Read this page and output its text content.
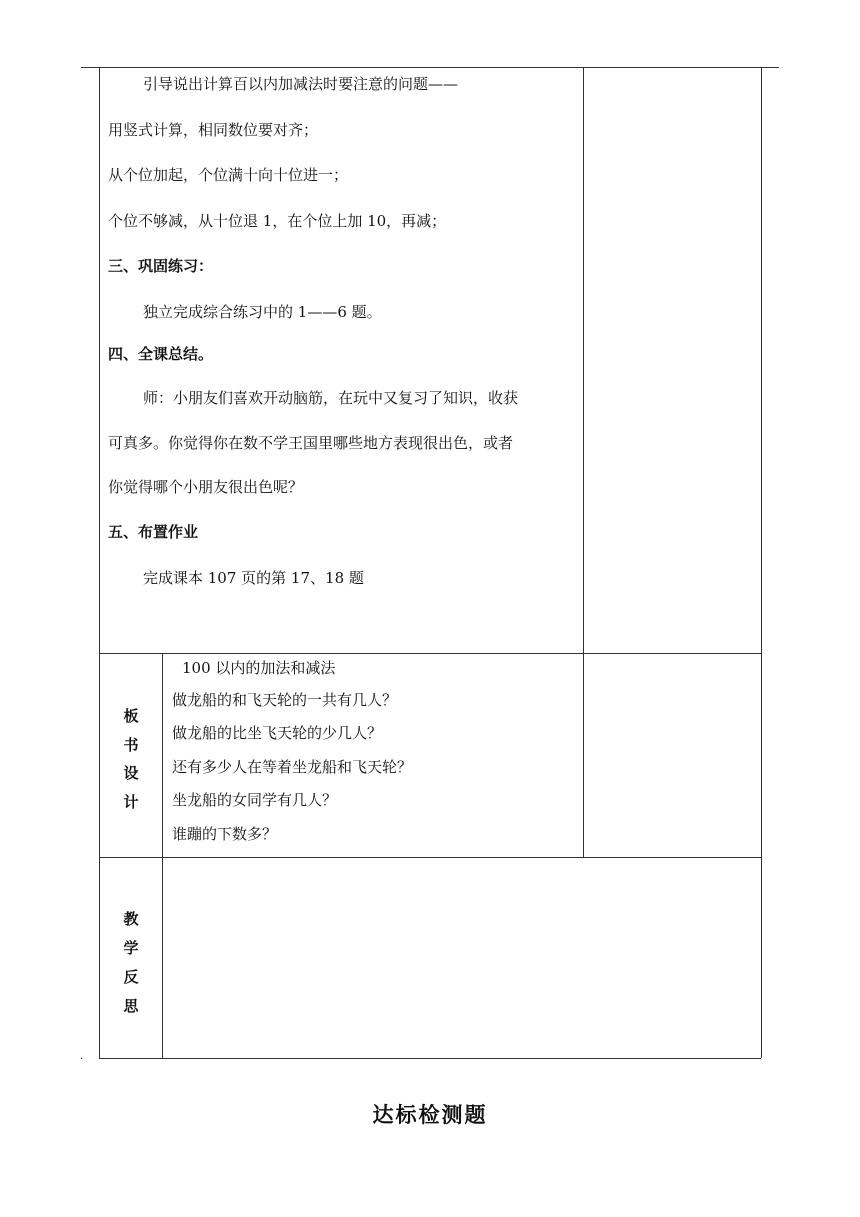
引导说出计算百以内加减法时要注意的问题——
用竖式计算，相同数位要对齐；
从个位加起，个位满十向十位进一；
个位不够减，从十位退 1，在个位上加 10，再减；
三、巩固练习：
独立完成综合练习中的 1——6 题。
四、全课总结。
师：小朋友们喜欢开动脑筋，在玩中又复习了知识，收获
可真多。你觉得你在数不学王国里哪些地方表现很出色，或者
你觉得哪个小朋友很出色呢？
五、布置作业
完成课本 107 页的第 17、18 题
板
书
设
计
100 以内的加法和减法
做龙船的和飞天轮的一共有几人？
做龙船的比坐飞天轮的少几人？
还有多少人在等着坐龙船和飞天轮？
坐龙船的女同学有几人？
谁蹦的下数多？
教
学
反
思
.
达标检测题
